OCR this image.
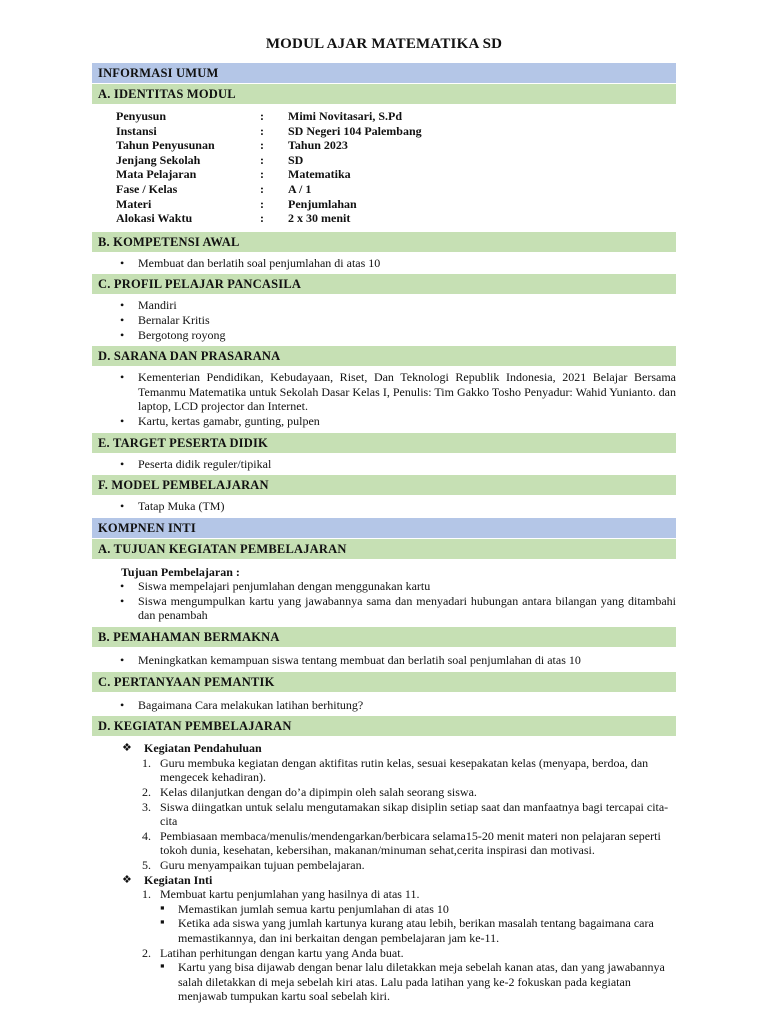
MODUL AJAR MATEMATIKA SD
INFORMASI UMUM
A. IDENTITAS MODUL
Penyusun	:	Mimi Novitasari, S.Pd
Instansi	:	SD Negeri 104 Palembang
Tahun Penyusunan	:	Tahun 2023
Jenjang Sekolah	:	SD
Mata Pelajaran	:	Matematika
Fase / Kelas	:	A / 1
Materi	:	Penjumlahan
Alokasi Waktu	:	2 x 30 menit
B. KOMPETENSI AWAL
• Membuat dan berlatih soal penjumlahan di atas 10
C. PROFIL PELAJAR PANCASILA
• Mandiri
• Bernalar Kritis
• Bergotong royong
D. SARANA DAN PRASARANA
• Kementerian Pendidikan, Kebudayaan, Riset, Dan Teknologi Republik Indonesia, 2021 Belajar Bersama Temanmu Matematika untuk Sekolah Dasar Kelas I, Penulis: Tim Gakko Tosho Penyadur: Wahid Yunianto. dan laptop, LCD projector dan Internet.
• Kartu, kertas gamabr, gunting, pulpen
E. TARGET PESERTA DIDIK
• Peserta didik reguler/tipikal
F. MODEL PEMBELAJARAN
• Tatap Muka (TM)
KOMPNEN INTI
A. TUJUAN KEGIATAN PEMBELAJARAN
Tujuan Pembelajaran :
• Siswa mempelajari penjumlahan dengan menggunakan kartu
• Siswa mengumpulkan kartu yang jawabannya sama dan menyadari hubungan antara bilangan yang ditambahi dan penambah
B. PEMAHAMAN BERMAKNA
• Meningkatkan kemampuan siswa tentang membuat dan berlatih soal penjumlahan di atas 10
C. PERTANYAAN PEMANTIK
• Bagaimana Cara melakukan latihan berhitung?
D. KEGIATAN PEMBELAJARAN
❖ Kegiatan Pendahuluan
1. Guru membuka kegiatan dengan aktifitas rutin kelas, sesuai kesepakatan kelas (menyapa, berdoa, dan mengecek kehadiran).
2. Kelas dilanjutkan dengan do’a dipimpin oleh salah seorang siswa.
3. Siswa diingatkan untuk selalu mengutamakan sikap disiplin setiap saat dan manfaatnya bagi tercapai cita-cita
4. Pembiasaan membaca/menulis/mendengarkan/berbicara selama15-20 menit materi non pelajaran seperti tokoh dunia, kesehatan, kebersihan, makanan/minuman sehat,cerita inspirasi dan motivasi.
5. Guru menyampaikan tujuan pembelajaran.
❖ Kegiatan Inti
1. Membuat kartu penjumlahan yang hasilnya di atas 11.
▪ Memastikan jumlah semua kartu penjumlahan di atas 10
▪ Ketika ada siswa yang jumlah kartunya kurang atau lebih, berikan masalah tentang bagaimana cara memastikannya, dan ini berkaitan dengan pembelajaran jam ke-11.
2. Latihan perhitungan dengan kartu yang Anda buat.
▪ Kartu yang bisa dijawab dengan benar lalu diletakkan meja sebelah kanan atas, dan yang jawabannya salah diletakkan di meja sebelah kiri atas. Lalu pada latihan yang ke-2 fokuskan pada kegiatan menjawab tumpukan kartu soal sebelah kiri.
